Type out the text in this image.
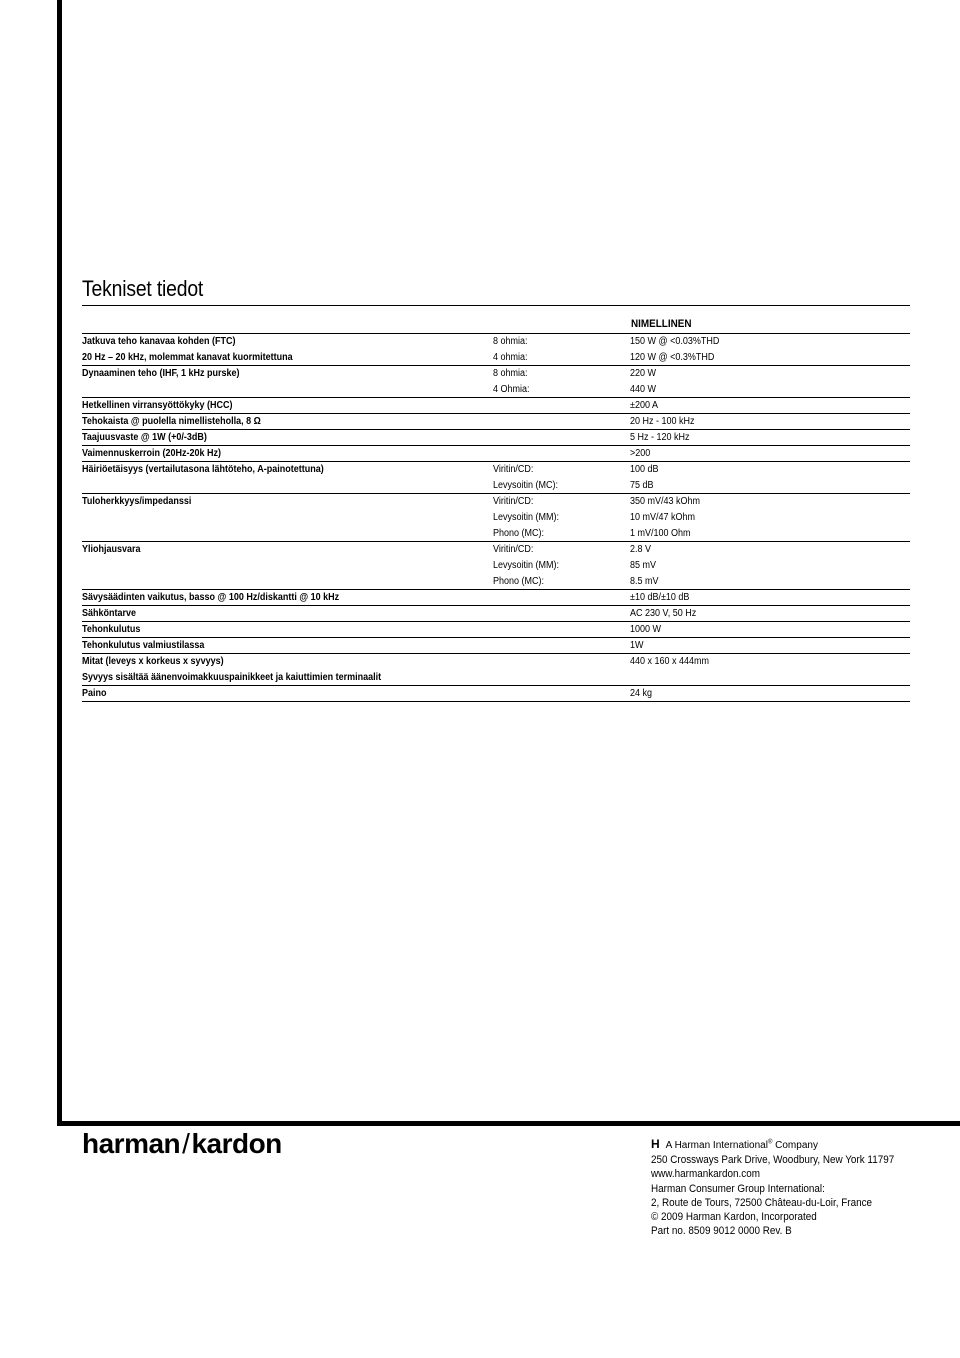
Tekniset tiedot
NIMELLINEN
Jatkuva teho kanavaa kohden (FTC)	8 ohmia:	150 W @ <0.03%THD
20 Hz – 20 kHz, molemmat kanavat kuormitettuna	4 ohmia:	120 W @ <0.3%THD
Dynaaminen teho (IHF, 1 kHz purske)	8 ohmia:	220 W
4 Ohmia:	440 W
Hetkellinen virransyöttökyky (HCC)	±200 A
Tehokaista @ puolella nimellisteholla, 8 Ω	20 Hz - 100 kHz
Taajuusvaste @ 1W (+0/-3dB)	5 Hz - 120 kHz
Vaimennuskerroin (20Hz-20k Hz)	>200
Häiriöetäisyys (vertailutasona lähtöteho, A-painotettuna)	Viritin/CD:	100 dB
Levysoitin (MC):	75 dB
Tuloherkkyys/impedanssi	Viritin/CD:	350 mV/43 kOhm
Levysoitin (MM):	10 mV/47 kOhm
Phono (MC):	1 mV/100 Ohm
Yliohjausvara	Viritin/CD:	2.8 V
Levysoitin (MM):	85 mV
Phono (MC):	8.5 mV
Sävysäädinten vaikutus, basso @ 100 Hz/diskantti @ 10 kHz	±10 dB/±10 dB
Sähköntarve	AC 230 V, 50 Hz
Tehonkulutus	1000 W
Tehonkulutus valmiustilassa	1W
Mitat (leveys x korkeus x syvyys)	440 x 160 x 444mm
Syvyys sisältää äänenvoimakkuuspainikkeet ja kaiuttimien terminaalit
Paino	24 kg
harman/kardon	H A Harman International® Company
250 Crossways Park Drive, Woodbury, New York 11797
www.harmankardon.com
Harman Consumer Group International:
2, Route de Tours, 72500 Château-du-Loir, France
© 2009 Harman Kardon, Incorporated
Part no. 8509 9012 0000 Rev. B
